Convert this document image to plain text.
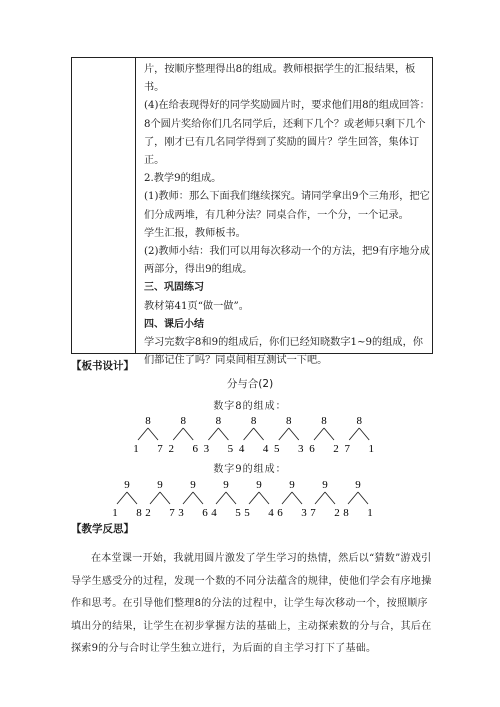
片，按顺序整理得出8的组成。教师根据学生的汇报结果，板书。

(4)在给表现得好的同学奖励圆片时，要求他们用8的组成回答：8个圆片奖给你们几名同学后，还剩下几个？或老师只剩下几个了，刚才已有几名同学得到了奖励的圆片？学生回答，集体订正。

2.教学9的组成。

(1)教师：那么下面我们继续探究。请同学拿出9个三角形，把它们分成两堆，有几种分法？同桌合作，一个分，一个记录。

学生汇报，教师板书。

(2)教师小结：我们可以用每次移动一个的方法，把9有序地分成两部分，得出9的组成。

三、巩固练习

教材第41页“做一做”。

四、课后小结

学习完数字8和9的组成后，你们已经知晓数字1~9的组成，你们都记住了吗？同桌间相互测试一下吧。

【板书设计】
分与合(2)
数字8的组成：
8
1 7
8
2 6
8
3 5
8
4 4
8
5 3
8
6 2
8
7 1
数字9的组成：
9
1 8
9
2 7
9
3 6
9
4 5
9
5 4
9
6 3
9
7 2
9
8 1
【教学反思】

在本堂课一开始，我就用圆片激发了学生学习的热情，然后以“猜数”游戏引导学生感受分的过程，发现一个数的不同分法蕴含的规律，使他们学会有序地操作和思考。在引导他们整理8的分法的过程中，让学生每次移动一个，按照顺序填出分的结果，让学生在初步掌握方法的基础上，主动探索数的分与合，其后在探索9的分与合时让学生独立进行，为后面的自主学习打下了基础。
